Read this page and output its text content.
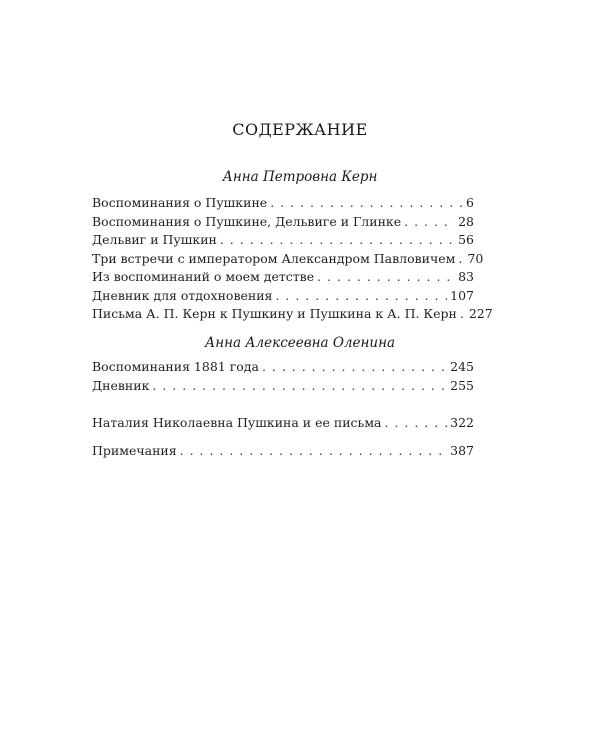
СОДЕРЖАНИЕ
Анна Петровна Керн
Воспоминания о Пушкине . . .	6
Воспоминания о Пушкине, Дельвиге и Глинке . . .	28
Дельвиг и Пушкин . . .	56
Три встречи с императором Александром Павловичем . . . 70
Из воспоминаний о моем детстве . . .	83
Дневник для отдохновения . . .	107
Письма А. П. Керн к Пушкину и Пушкина к А. П. Керн . . . 227
Анна Алексеевна Оленина
Воспоминания 1881 года . . .	245
Дневник . . .	255
Наталия Николаевна Пушкина и ее письма . . .	322
Примечания . . .	387
